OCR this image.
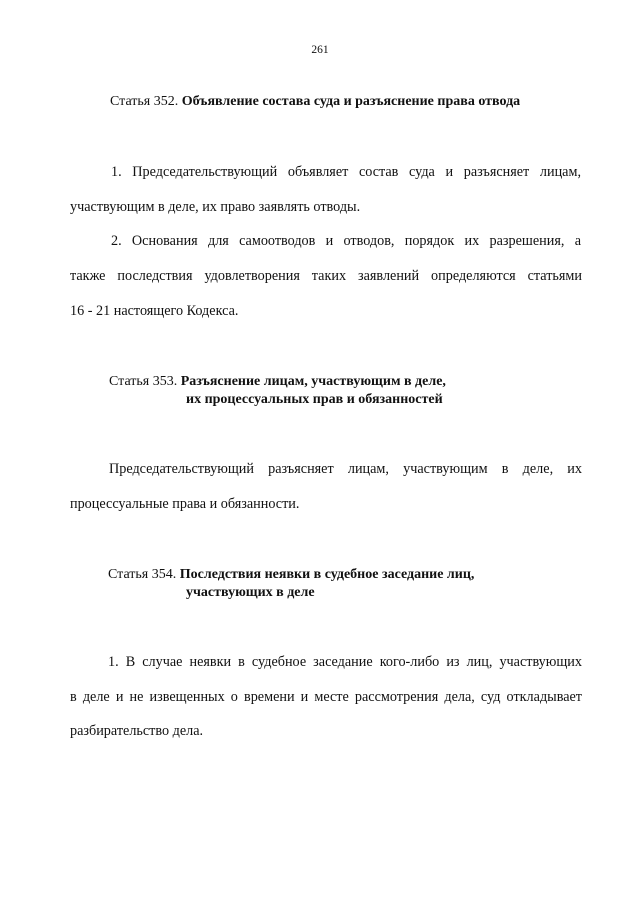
261
Статья 352. Объявление состава суда и разъяснение права отвода
1. Председательствующий объявляет состав суда и разъясняет лицам,
участвующим в деле, их право заявлять отводы.
2. Основания для самоотводов и отводов, порядок их разрешения, а
также последствия удовлетворения таких заявлений определяются статьями
16 - 21 настоящего Кодекса.
Статья 353. Разъяснение лицам, участвующим в деле,
их процессуальных прав и обязанностей
Председательствующий разъясняет лицам, участвующим в деле, их
процессуальные права и обязанности.
Статья 354. Последствия неявки в судебное заседание лиц,
участвующих в деле
1. В случае неявки в судебное заседание кого-либо из лиц, участвующих
в деле и не извещенных о времени и месте рассмотрения дела, суд откладывает
разбирательство дела.
